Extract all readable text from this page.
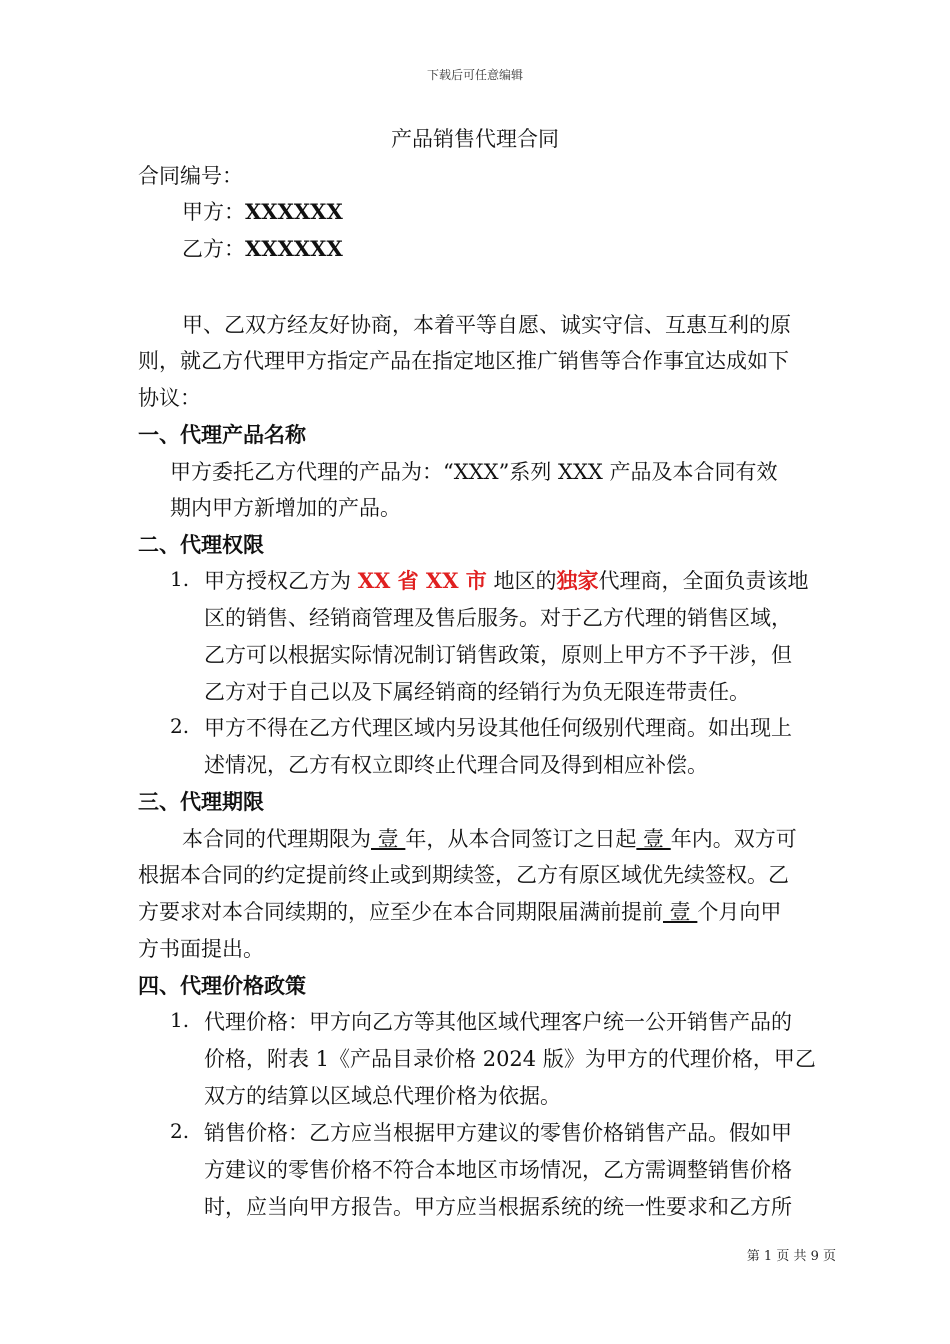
下载后可任意编辑
产品销售代理合同
合同编号：
甲方：XXXXXX
乙方：XXXXXX
甲、乙双方经友好协商，本着平等自愿、诚实守信、互惠互利的原
则，就乙方代理甲方指定产品在指定地区推广销售等合作事宜达成如下
协议：
一、代理产品名称
甲方委托乙方代理的产品为：“XXX”系列 XXX 产品及本合同有效
期内甲方新增加的产品。
二、代理权限
1. 甲方授权乙方为 XX 省 XX 市 地区的独家代理商，全面负责该地
区的销售、经销商管理及售后服务。对于乙方代理的销售区域，
乙方可以根据实际情况制订销售政策，原则上甲方不予干涉，但
乙方对于自己以及下属经销商的经销行为负无限连带责任。
2. 甲方不得在乙方代理区域内另设其他任何级别代理商。如出现上
述情况，乙方有权立即终止代理合同及得到相应补偿。
三、代理期限
本合同的代理期限为 壹 年，从本合同签订之日起 壹 年内。双方可
根据本合同的约定提前终止或到期续签，乙方有原区域优先续签权。乙
方要求对本合同续期的，应至少在本合同期限届满前提前 壹 个月向甲
方书面提出。
四、代理价格政策
1. 代理价格：甲方向乙方等其他区域代理客户统一公开销售产品的
价格，附表 1《产品目录价格 2024 版》为甲方的代理价格，甲乙
双方的结算以区域总代理价格为依据。
2. 销售价格：乙方应当根据甲方建议的零售价格销售产品。假如甲
方建议的零售价格不符合本地区市场情况，乙方需调整销售价格
时，应当向甲方报告。甲方应当根据系统的统一性要求和乙方所
第 1 页 共 9 页
